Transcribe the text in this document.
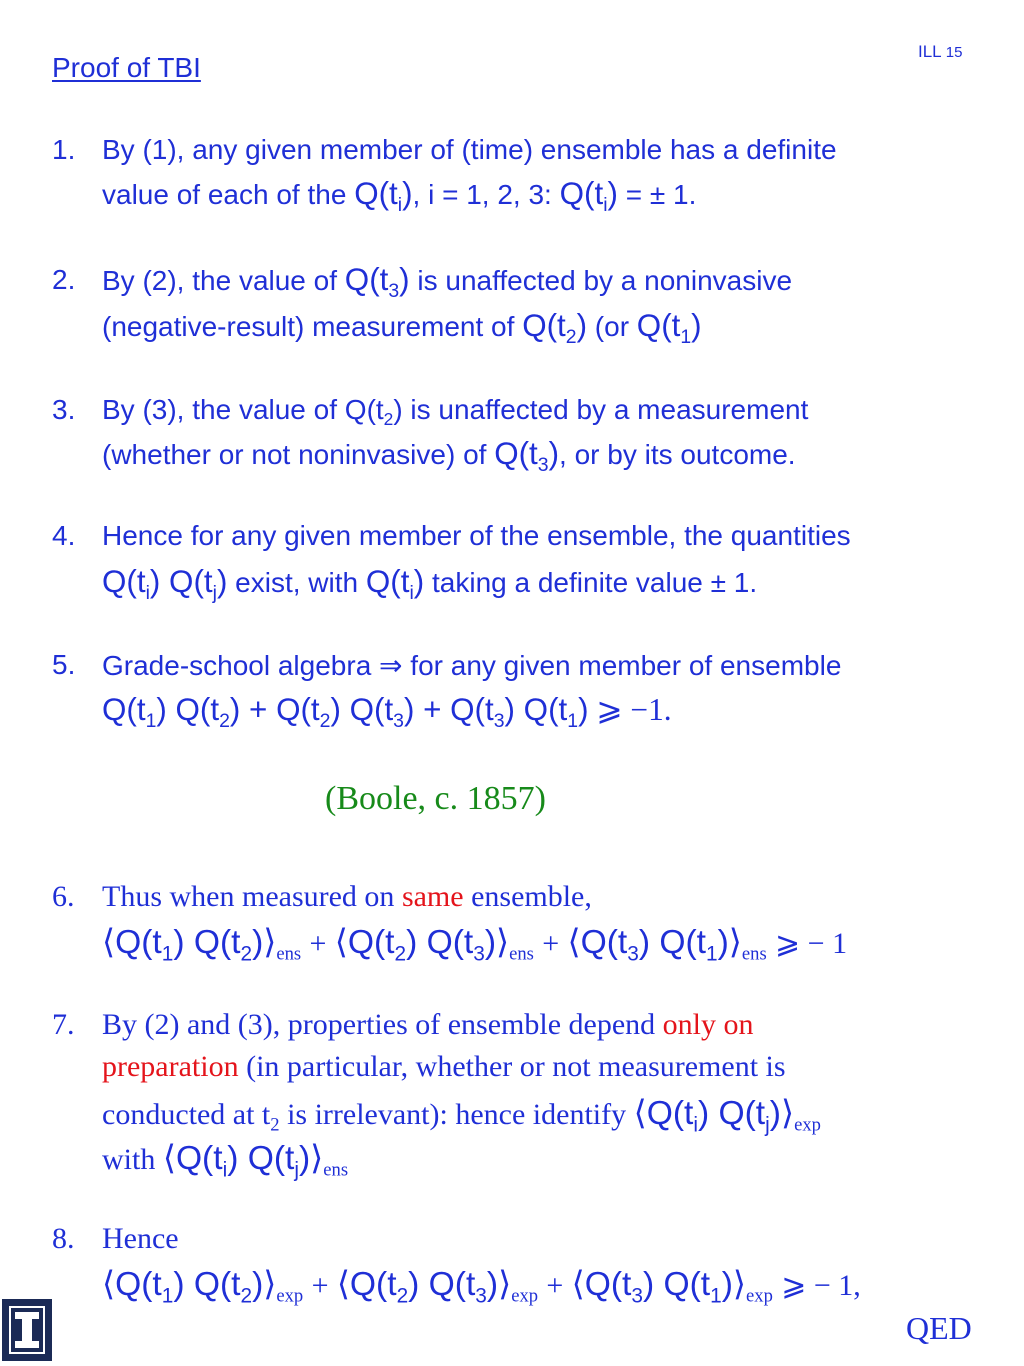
Proof of TBI
ILL 15
1. By (1), any given member of (time) ensemble has a definite
value of each of the $Q(t_i)$, i = 1, 2, 3: $Q(t_i)$ = ± 1.
2. By (2), the value of $Q(t_3)$ is unaffected by a noninvasive
(negative-result) measurement of $Q(t_2)$ (or $Q(t_1)$
3. By (3), the value of $Q(t_2)$ is unaffected by a measurement
(whether or not noninvasive) of $Q(t_3)$, or by its outcome.
4. Hence for any given member of the ensemble, the quantities
$Q(t_i)$ $Q(t_j)$ exist, with $Q(t_i)$ taking a definite value ± 1.
5. Grade-school algebra ⇒ for any given member of ensemble
$Q(t_1) Q(t_2) + Q(t_2) Q(t_3) + Q(t_3)$ $Q(t_1)$ ⩾ −1.
(Boole, c. 1857)
6. Thus when measured on same ensemble,
$⟨Q(t_1)$ $Q(t_2)⟩_{ens}$ + $⟨Q(t_2)$ $Q(t_3)⟩_{ens}$ + $⟨Q(t_3)$ $Q(t_1)⟩_{ens}$ ⩾ − 1
7. By (2) and (3), properties of ensemble depend only on
preparation (in particular, whether or not measurement is
conducted at $t_2$ is irrelevant): hence identify $⟨Q(t_i)$ $Q(t_j)⟩_{exp}$
with $⟨Q(t_i)$ $Q(t_j)⟩_{ens}$
8. Hence
$⟨Q(t_1)$ $Q(t_2)⟩_{exp}$ + $⟨Q(t_2)$ $Q(t_3)⟩_{exp}$ + $⟨Q(t_3)$ $Q(t_1)⟩_{exp}$ ⩾ − 1,
QED
